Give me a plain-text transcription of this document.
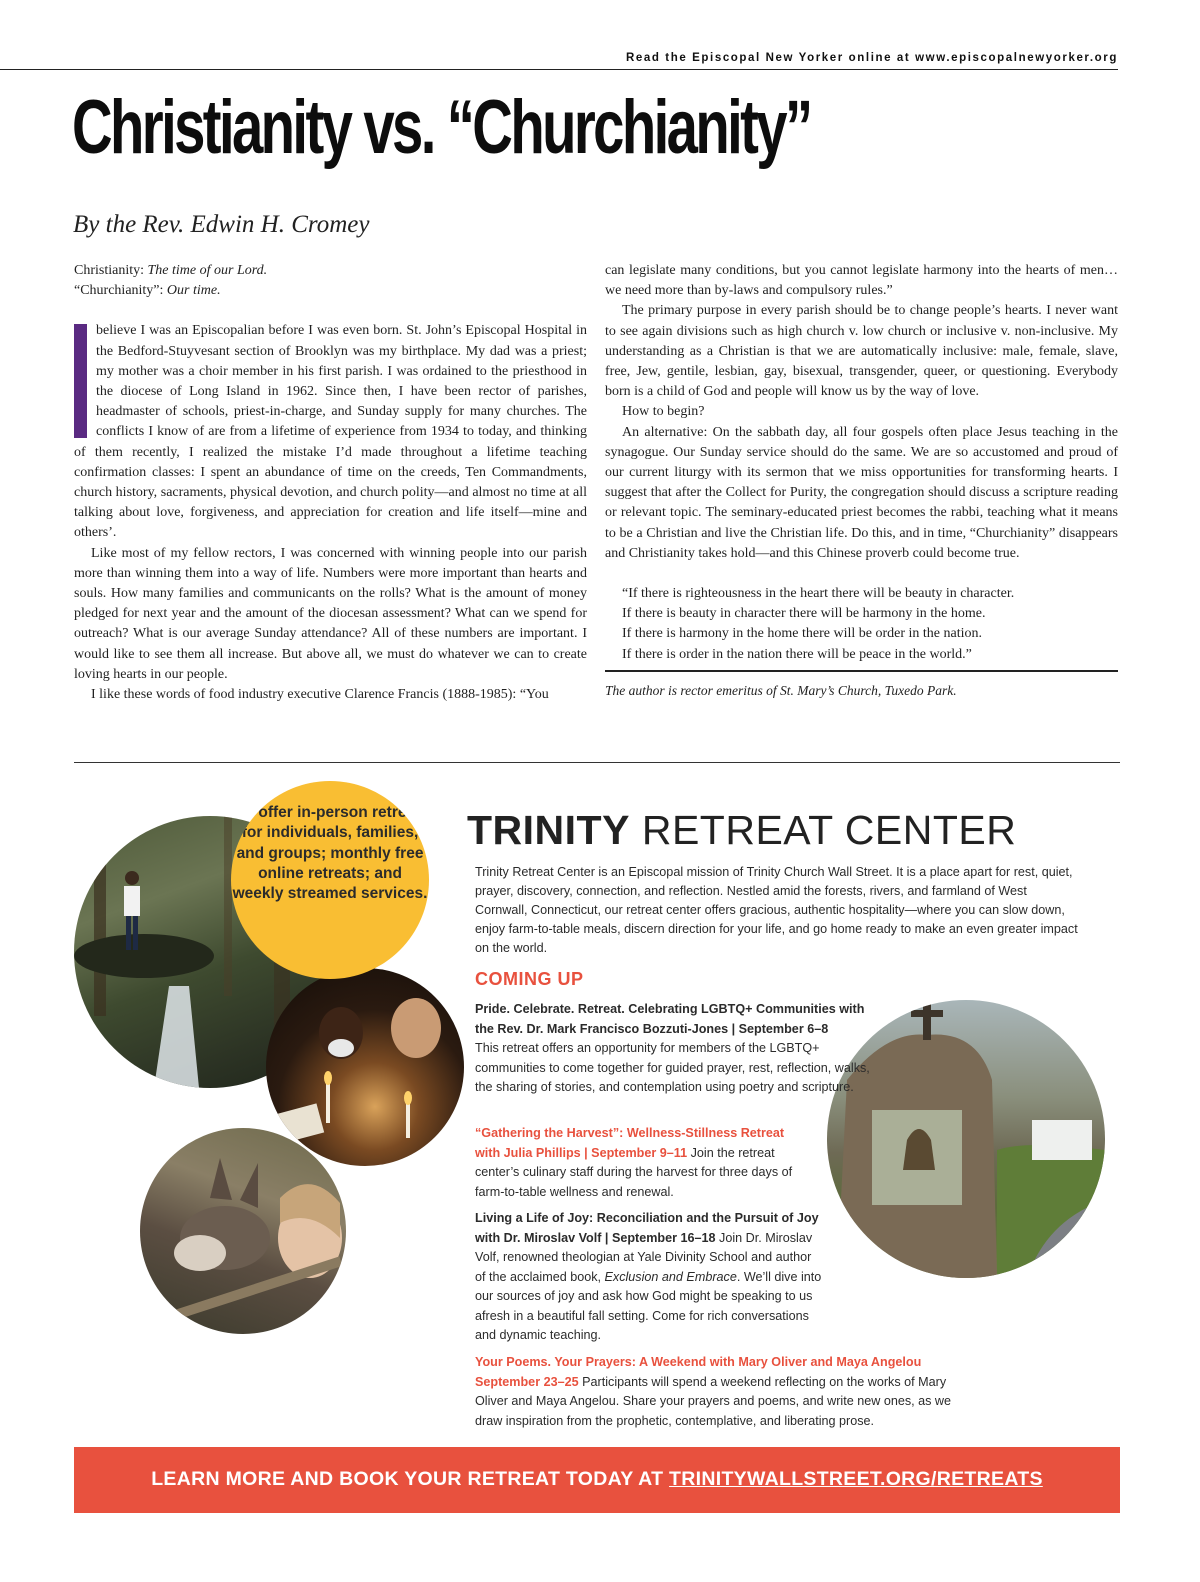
Read the Episcopal New Yorker online at www.episcopalnewyorker.org
Christianity vs. “Churchianity”
By the Rev. Edwin H. Cromey
Christianity: The time of our Lord.
“Churchianity”: Our time.

believe I was an Episcopalian before I was even born. St. John’s Episcopal Hospital in the Bedford-Stuyvesant section of Brooklyn was my birthplace. My dad was a priest; my mother was a choir member in his first parish. I was ordained to the priesthood in the diocese of Long Island in 1962. Since then, I have been rector of parishes, headmaster of schools, priest-in-charge, and Sunday supply for many churches. The conflicts I know of are from a lifetime of experience from 1934 to today, and thinking of them recently, I realized the mistake I’d made throughout a lifetime teaching confirmation classes: I spent an abundance of time on the creeds, Ten Commandments, church history, sacraments, physical devotion, and church polity—and almost no time at all talking about love, forgiveness, and appreciation for creation and life itself—mine and others’.

Like most of my fellow rectors, I was concerned with winning people into our parish more than winning them into a way of life. Numbers were more important than hearts and souls. How many families and communicants on the rolls? What is the amount of money pledged for next year and the amount of the diocesan assessment? What can we spend for outreach? What is our average Sunday attendance? All of these numbers are important. I would like to see them all increase. But above all, we must do whatever we can to create loving hearts in our people.

I like these words of food industry executive Clarence Francis (1888-1985): “You

can legislate many conditions, but you cannot legislate harmony into the hearts of men… we need more than by-laws and compulsory rules.”

The primary purpose in every parish should be to change people’s hearts. I never want to see again divisions such as high church v. low church or inclusive v. non-inclusive. My understanding as a Christian is that we are automatically inclusive: male, female, slave, free, Jew, gentile, lesbian, gay, bisexual, transgender, queer, or questioning. Everybody born is a child of God and people will know us by the way of love.

How to begin?

An alternative: On the sabbath day, all four gospels often place Jesus teaching in the synagogue. Our Sunday service should do the same. We are so accustomed and proud of our current liturgy with its sermon that we miss opportunities for transforming hearts. I suggest that after the Collect for Purity, the congregation should discuss a scripture reading or relevant topic. The seminary-educated priest becomes the rabbi, teaching what it means to be a Christian and live the Christian life. Do this, and in time, “Churchianity” disappears and Christianity takes hold—and this Chinese proverb could become true.

“If there is righteousness in the heart there will be beauty in character.
If there is beauty in character there will be harmony in the home.
If there is harmony in the home there will be order in the nation.
If there is order in the nation there will be peace in the world.”
The author is rector emeritus of St. Mary’s Church, Tuxedo Park.
We offer in-person retreats for individuals, families, and groups; monthly free online retreats; and weekly streamed services.
TRINITY RETREAT CENTER
Trinity Retreat Center is an Episcopal mission of Trinity Church Wall Street. It is a place apart for rest, quiet, prayer, discovery, connection, and reflection. Nestled amid the forests, rivers, and farmland of West Cornwall, Connecticut, our retreat center offers gracious, authentic hospitality—where you can slow down, enjoy farm-to-table meals, discern direction for your life, and go home ready to make an even greater impact on the world.
COMING UP
Pride. Celebrate. Retreat. Celebrating LGBTQ+ Communities with the Rev. Dr. Mark Francisco Bozzuti-Jones | September 6–8
This retreat offers an opportunity for members of the LGBTQ+ communities to come together for guided prayer, rest, reflection, walks, the sharing of stories, and contemplation using poetry and scripture.
“Gathering the Harvest”: Wellness-Stillness Retreat with Julia Phillips | September 9–11 Join the retreat center’s culinary staff during the harvest for three days of farm-to-table wellness and renewal.
Living a Life of Joy: Reconciliation and the Pursuit of Joy with Dr. Miroslav Volf | September 16–18 Join Dr. Miroslav Volf, renowned theologian at Yale Divinity School and author of the acclaimed book, Exclusion and Embrace. We’ll dive into our sources of joy and ask how God might be speaking to us afresh in a beautiful fall setting. Come for rich conversations and dynamic teaching.
Your Poems. Your Prayers: A Weekend with Mary Oliver and Maya Angelou September 23–25 Participants will spend a weekend reflecting on the works of Mary Oliver and Maya Angelou. Share your prayers and poems, and write new ones, as we draw inspiration from the prophetic, contemplative, and liberating prose.
LEARN MORE AND BOOK YOUR RETREAT TODAY AT TRINITYWALLSTREET.ORG/RETREATS
